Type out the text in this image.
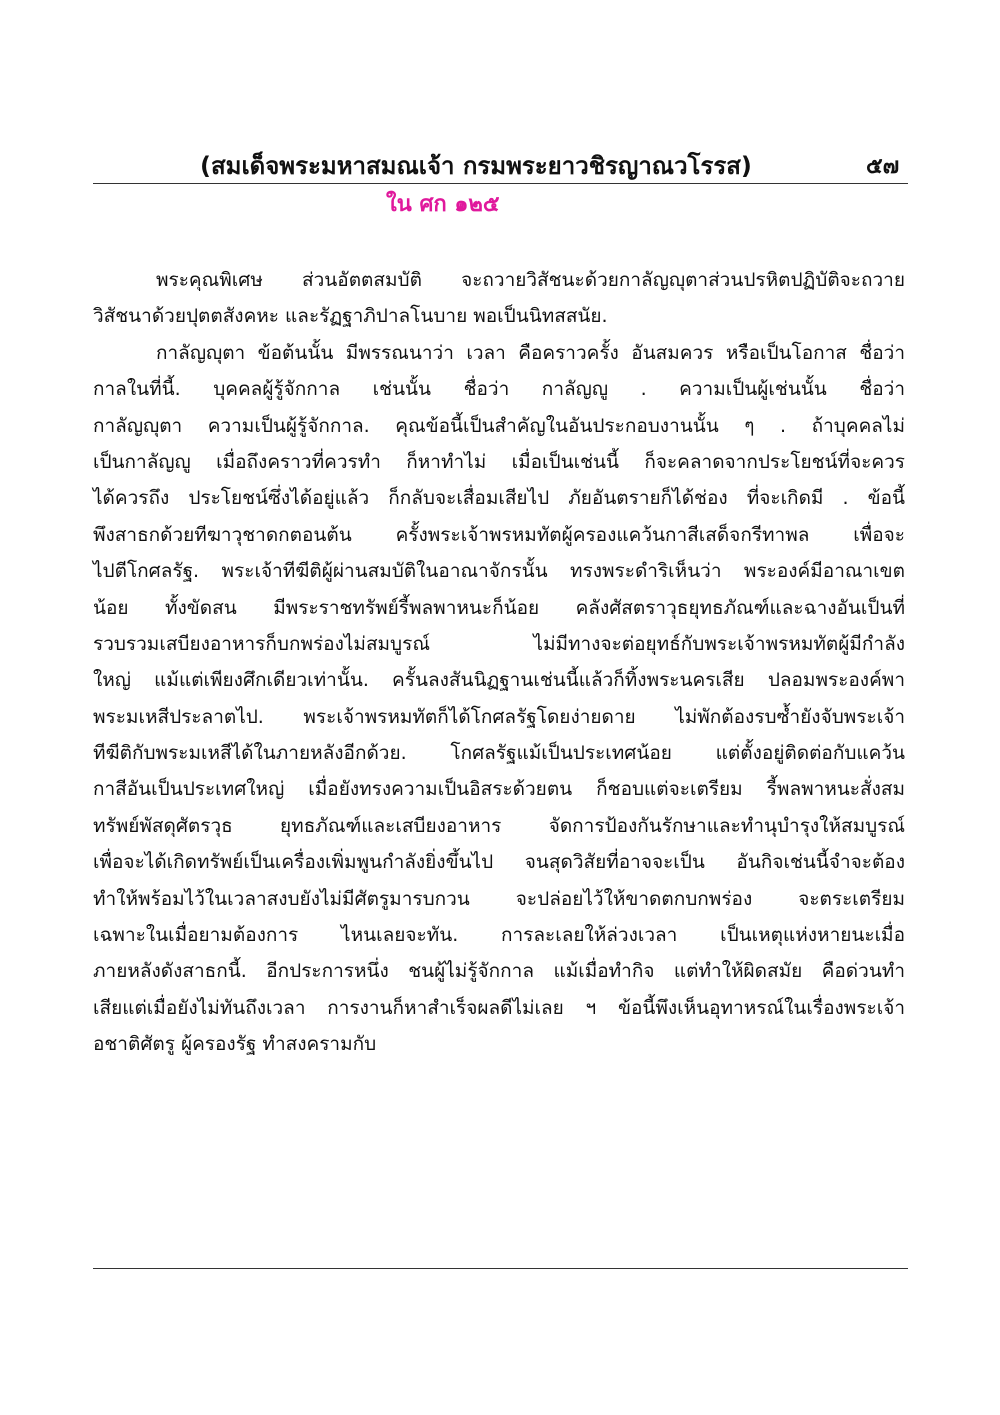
(สมเด็จพระมหาสมณเจ้า กรมพระยาวชิรญาณวโรรส)	๕๗
ใน ศก ๑๒๕
พระคุณพิเศษ ส่วนอัตตสมบัติ จะถวายวิสัชนะด้วยกาลัญญุตาส่วนปรหิตปฏิบัติจะถวาย
วิสัชนาด้วยปุตตสังคหะ และรัฏฐาภิปาลโนบาย พอเป็นนิทสสนัย.
กาลัญญุตา ข้อต้นนั้น มีพรรณนาว่า เวลา คือคราวครั้ง อันสมควร หรือเป็นโอกาส ชื่อว่า
กาลในที่นี้. บุคคลผู้รู้จักกาล เช่นนั้น ชื่อว่า กาลัญญู . ความเป็นผู้เช่นนั้น ชื่อว่า
กาลัญญุตา ความเป็นผู้รู้จักกาล. คุณข้อนี้เป็นสำคัญในอันประกอบงานนั้น ๆ . ถ้าบุคคลไม่
เป็นกาลัญญู เมื่อถึงคราวที่ควรทำ ก็หาทำไม่ เมื่อเป็นเช่นนี้ ก็จะคลาดจากประโยชน์ที่จะควร
ได้ควรถึง ประโยชน์ซึ่งได้อยู่แล้ว ก็กลับจะเสื่อมเสียไป ภัยอันตรายก็ได้ช่อง ที่จะเกิดมี . ข้อนี้
พึงสาธกด้วยทีฆาวุชาดกตอนต้น ครั้งพระเจ้าพรหมทัตผู้ครองแคว้นกาสีเสด็จกรีทาพล เพื่อจะ
ไปตีโกศลรัฐ. พระเจ้าทีฆีติผู้ผ่านสมบัติในอาณาจักรนั้น ทรงพระดำริเห็นว่า พระองค์มีอาณาเขต
น้อย ทั้งขัดสน มีพระราชทรัพย์รี้พลพาหนะก็น้อย คลังศัสตราวุธยุทธภัณฑ์และฉางอันเป็นที่
รวบรวมเสบียงอาหารก็บกพร่องไม่สมบูรณ์ ไม่มีทางจะต่อยุทธ์กับพระเจ้าพรหมทัตผู้มีกำลัง
ใหญ่ แม้แต่เพียงศึกเดียวเท่านั้น. ครั้นลงสันนิฏฐานเช่นนี้แล้วก็ทิ้งพระนครเสีย ปลอมพระองค์พา
พระมเหสีประลาตไป. พระเจ้าพรหมทัตก็ได้โกศลรัฐโดยง่ายดาย ไม่พักต้องรบซ้ำยังจับพระเจ้า
ทีฆีติกับพระมเหสีได้ในภายหลังอีกด้วย. โกศลรัฐแม้เป็นประเทศน้อย แต่ตั้งอยู่ติดต่อกับแคว้น
กาสีอันเป็นประเทศใหญ่ เมื่อยังทรงความเป็นอิสระด้วยตน ก็ชอบแต่จะเตรียม รี้พลพาหนะสั่งสม
ทรัพย์พัสดุศัตรวุธ ยุทธภัณฑ์และเสบียงอาหาร จัดการป้องกันรักษาและทำนุบำรุงให้สมบูรณ์
เพื่อจะได้เกิดทรัพย์เป็นเครื่องเพิ่มพูนกำลังยิ่งขึ้นไป จนสุดวิสัยที่อาจจะเป็น อันกิจเช่นนี้จำจะต้อง
ทำให้พร้อมไว้ในเวลาสงบยังไม่มีศัตรูมารบกวน จะปล่อยไว้ให้ขาดตกบกพร่อง จะตระเตรียม
เฉพาะในเมื่อยามต้องการ ไหนเลยจะทัน. การละเลยให้ล่วงเวลา เป็นเหตุแห่งหายนะเมื่อ
ภายหลังดังสาธกนี้. อีกประการหนึ่ง ชนผู้ไม่รู้จักกาล แม้เมื่อทำกิจ แต่ทำให้ผิดสมัย คือด่วนทำ
เสียแต่เมื่อยังไม่ทันถึงเวลา การงานก็หาสำเร็จผลดีไม่เลย ฯ ข้อนี้พึงเห็นอุทาหรณ์ในเรื่องพระเจ้า
อชาติศัตรู ผู้ครองรัฐ ทำสงครามกับ
